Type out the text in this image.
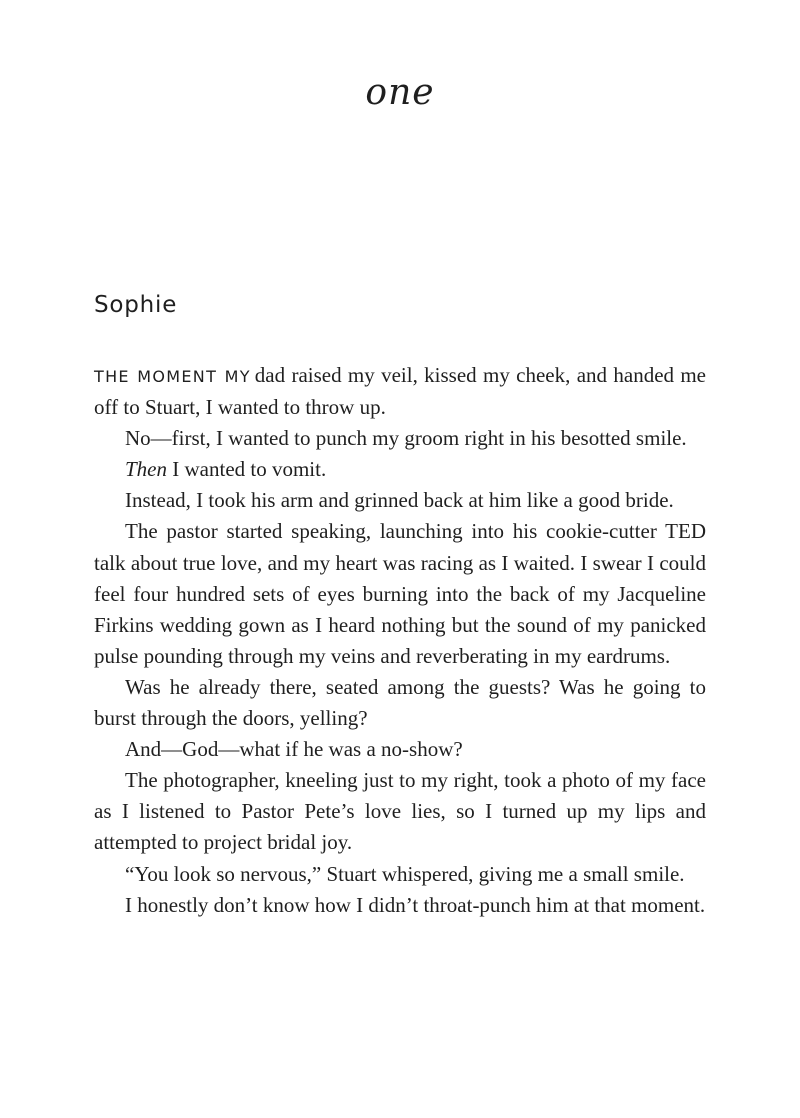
one
Sophie

THE MOMENT MY dad raised my veil, kissed my cheek, and handed me off to Stuart, I wanted to throw up.

No—first, I wanted to punch my groom right in his besotted smile.

Then I wanted to vomit.

Instead, I took his arm and grinned back at him like a good bride.

The pastor started speaking, launching into his cookie-cutter TED talk about true love, and my heart was racing as I waited. I swear I could feel four hundred sets of eyes burning into the back of my Jacqueline Firkins wedding gown as I heard nothing but the sound of my panicked pulse pounding through my veins and reverberating in my eardrums.

Was he already there, seated among the guests? Was he going to burst through the doors, yelling?

And—God—what if he was a no-show?

The photographer, kneeling just to my right, took a photo of my face as I listened to Pastor Pete’s love lies, so I turned up my lips and attempted to project bridal joy.

“You look so nervous,” Stuart whispered, giving me a small smile.

I honestly don’t know how I didn’t throat-punch him at that moment.
